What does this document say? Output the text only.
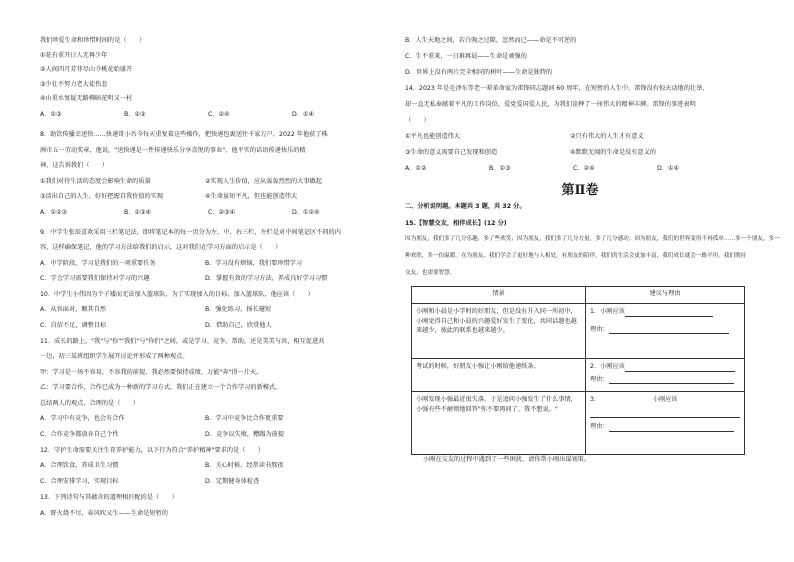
我们珍爱生命和珍惜时间的是（　　）
①花有重开日人无再少年
②人间四月芳菲尽山寺桃花始盛开
③少壮不努力老大徒伤悲
④山重水复疑无路柳暗花明又一村
A．①③	B．②③	C．②④	D．①④
8．助饮传播幸送快……快递哥小吾今每天重复着这些操作，把快递包裹送往千家万户。2022 年他获了株
洲市五一劳动奖章，他说，"送快递是一件传递快乐分享喜悦的事业"。他平实的话语传递快乐的精
神，这告诉我们（　　）
①我们对待生活的态度会影响生命的质量	②实现人生价值，应从轰轰烈烈的大事做起
③活出自己的人生，好好把握自我价值的实现	④生命虽短平凡，但也能创造伟大
A．①②③	B．①③④	C．②③④	D．①②④
9．中学生张辰喜欢采用三栏笔记法，即将笔记本的每一页分为左、中、右三栏，左栏是对中间笔记区不同的内
容，这样确保笔记，他的学习方法给我们的启示，这对我们在学习方面的启示是（　　）
A．中学阶段，学习是我们的一项重要任务	B．学习没有烦恼，我们要珍惜学习
C．学会学习需要我们保持对学习的兴趣	D．掌握有效的学习方法，养成良好学习习惯
10．中学生小伟因为个子矮而无法加入篮球队，为了实现加入的目标，加入篮球队，他应该（　　）
A．从容面对，顺其自然	B．强化练习，扬长避短
C．自信不足，调整目标	D．借助自己，欣赏他人
11．成长的路上，"我"与"你""我们"与"你们"之间，或是学习、竞争、帮助，还是美美与共，相互促进共
一边，初三某班组织学生展开讨论并形成了两种观点。
甲：学习是一场不容易，不容我的前提，我必然要保持成绩，万能"奔"得一片天。
乙：学习要合作，合作已成为一种新的学习方式，我们正在建立一个合作学习的新模式。
总结两人的观点，合理的是（　　）
A．学习中有竞争，也会有合作	B．学习中竞争比合作更重要
C．合作竞争都放弃自己个性	D．竞争以失败，糟蹋为前提
12．守护生命需要关注生存养护能力，以下行为符合"养护精神"要求的是（　　）
A．合理饮食，养成卫生习惯	B．关心时候，经常读书熬夜
C．合理安排学习，实现目标	D．定期健身体检查
13．下列诗句与其蕴含的道理相匹配的是（　　）
A．野火烧不尽，春风吹又生——生命是短暂的
B．人生天地之间，若白驹之过隙，忽然而已——命是不可逆的
C．生不重来，一日难再晨——生命是顽强的
D．世界上没有两片完全相同的树叶——生命是独特的
14．2023 年是毛泽东等老一辈革命家为雷锋同志题词 60 周年，在短暂的人生中，雷锋没有惊天动地的壮举，
却一直无私奉献着平凡的工作岗位，爱党爱国爱人民，为我们诠释了一座伟大的精神丰碑。雷锋的事迹表明
（　　）
①平凡也能创造伟大	②只有伟大的人生才有意义
③生命的意义需要自己发现和创造	④默默无闻的生命是没有意义的
A．①②	B．①③	C．②④	D．①④
第Ⅱ卷
二、分析说明题。本题共 3 题，共 32 分。
15.【智慧交友，相伴成长】(12 分)
因为朋友，我们多了几分乐趣，多了些欢笑；因为朋友，我们多了几分力量，多了几分感动；因为朋友，我们的世界变得不再孤单……多一个朋友，多一
种欢欣，多一份温暖。在为朋友，我们学会了更好地与人相处，有朋友的陪伴，我们的生活会更加丰富，我们成长就会一路平坦。我们期待
交友，也需要智慧。
情景	建议与理由
小刚和小晨是小学时的好朋友，但是没有升入同一所初中，小刚觉得自己和小晨的兴趣爱好发生了变化，共同话题也越来越少，彼此的联系也越来越少。	1．小刚应该
理由：

考试的时候，好朋友小强让小刚给他递纸条。	2．小刚应该
理由：

小刚发现小强最近很失落，于是追问小强发生了什么事情，小强有些不耐烦地回答"你不要再问了，我不想说。"	3．　　　　　　　　　小刚应该
理由：
小刚在交友的过程中遇到了一些困扰，请你帮小刚出谋划策。
